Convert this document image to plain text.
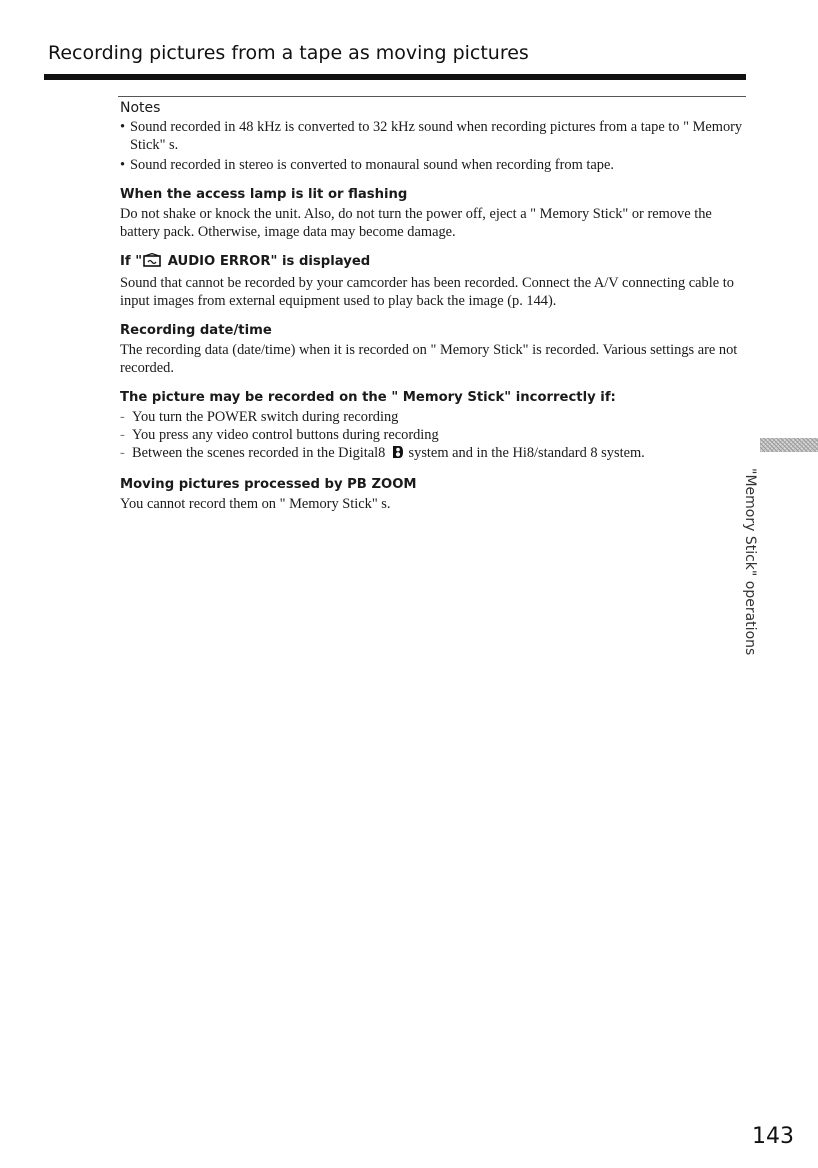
Recording pictures from a tape as moving pictures
Notes
• Sound recorded in 48 kHz is converted to 32 kHz sound when recording pictures from a tape to " Memory Stick" s.
• Sound recorded in stereo is converted to monaural sound when recording from tape.
When the access lamp is lit or flashing

Do not shake or knock the unit. Also, do not turn the power off, eject a " Memory Stick" or remove the battery pack. Otherwise, image data may become damage.

If " AUDIO ERROR" is displayed

Sound that cannot be recorded by your camcorder has been recorded. Connect the A/V connecting cable to input images from external equipment used to play back the image (p. 144).

Recording date/time

The recording data (date/time) when it is recorded on " Memory Stick" is recorded. Various settings are not recorded.

The picture may be recorded on the " Memory Stick" incorrectly if:
- You turn the POWER switch during recording
- You press any video control buttons during recording
- Between the scenes recorded in the Digital8  system and in the Hi8/standard 8 system.
Moving pictures processed by PB ZOOM

You cannot record them on " Memory Stick" s.	"Memory Stick" operations
143
